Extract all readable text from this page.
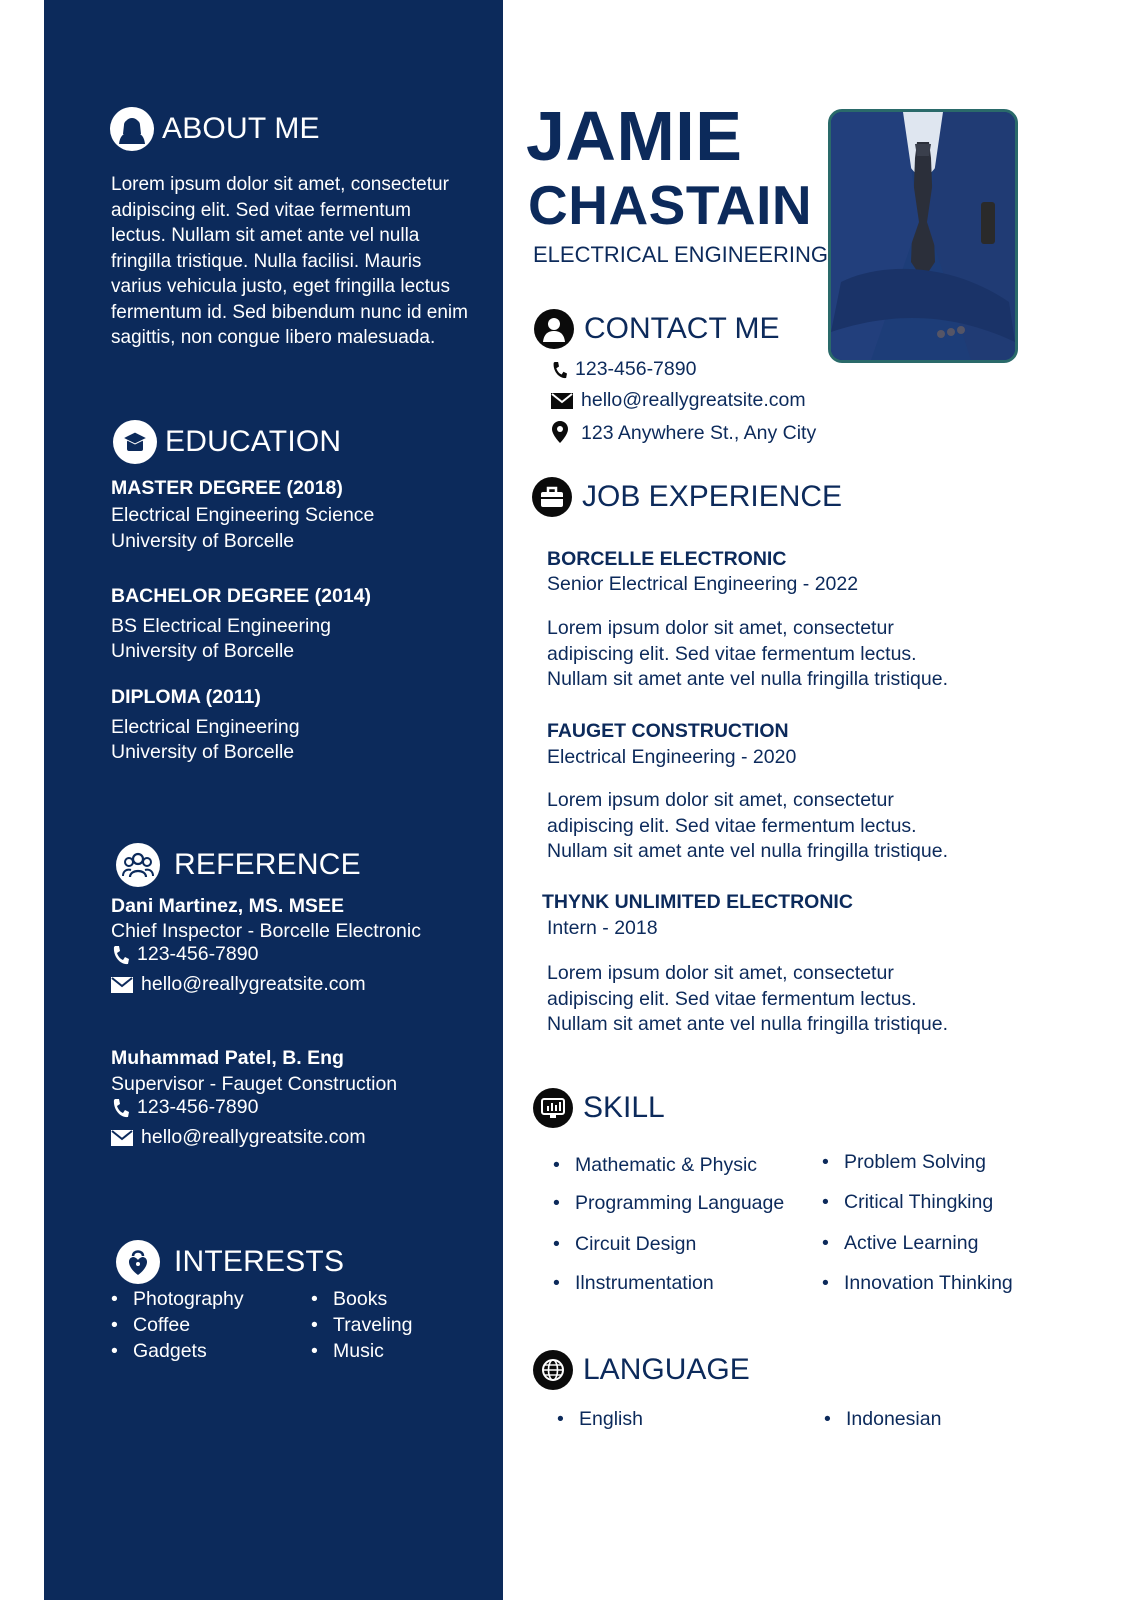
ABOUT ME
Lorem ipsum dolor sit amet, consectetur
adipiscing elit. Sed vitae fermentum
lectus. Nullam sit amet ante vel nulla
fringilla tristique. Nulla facilisi. Mauris
varius vehicula justo, eget fringilla lectus
fermentum id. Sed bibendum nunc id enim
sagittis, non congue libero malesuada.
EDUCATION
MASTER DEGREE (2018)
Electrical Engineering Science
University of Borcelle
BACHELOR DEGREE (2014)
BS Electrical Engineering
University of Borcelle
DIPLOMA (2011)
Electrical Engineering
University of Borcelle
REFERENCE
Dani Martinez, MS. MSEE
Chief Inspector - Borcelle Electronic
123-456-7890
hello@reallygreatsite.com
Muhammad Patel, B. Eng
Supervisor - Fauget Construction
123-456-7890
hello@reallygreatsite.com
INTERESTS
• Photography
• Coffee
• Gadgets
• Books
• Traveling
• Music
JAMIE
CHASTAIN
ELECTRICAL ENGINEERING
CONTACT ME
123-456-7890
hello@reallygreatsite.com
123 Anywhere St., Any City
JOB EXPERIENCE
BORCELLE ELECTRONIC
Senior Electrical Engineering - 2022
Lorem ipsum dolor sit amet, consectetur
adipiscing elit. Sed vitae fermentum lectus.
Nullam sit amet ante vel nulla fringilla tristique.
FAUGET CONSTRUCTION
Electrical Engineering - 2020
Lorem ipsum dolor sit amet, consectetur
adipiscing elit. Sed vitae fermentum lectus.
Nullam sit amet ante vel nulla fringilla tristique.
THYNK UNLIMITED ELECTRONIC
Intern - 2018
Lorem ipsum dolor sit amet, consectetur
adipiscing elit. Sed vitae fermentum lectus.
Nullam sit amet ante vel nulla fringilla tristique.
SKILL
• Mathematic & Physic
• Programming Language
• Circuit Design
• Ilnstrumentation
• Problem Solving
• Critical Thingking
• Active Learning
• Innovation Thinking
LANGUAGE
• English
•	Indonesian
